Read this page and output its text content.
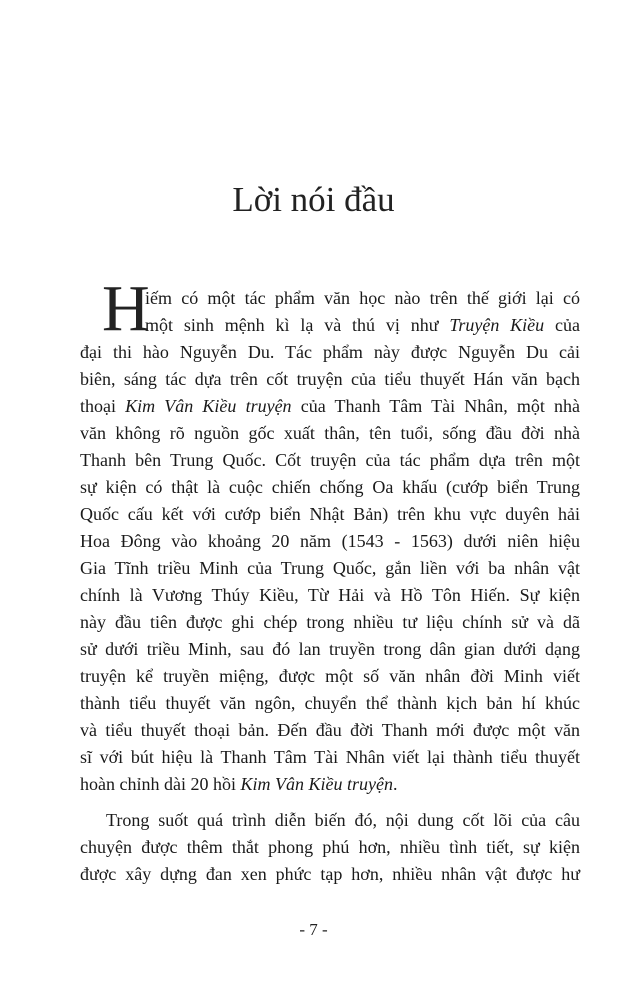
Lời nói đầu
H
iếm có một tác phẩm văn học nào trên thế giới lại có
một sinh mệnh kì lạ và thú vị như Truyện Kiều của
đại thi hào Nguyễn Du. Tác phẩm này được Nguyễn Du cải
biên, sáng tác dựa trên cốt truyện của tiểu thuyết Hán văn bạch
thoại Kim Vân Kiều truyện của Thanh Tâm Tài Nhân, một nhà
văn không rõ nguồn gốc xuất thân, tên tuổi, sống đầu đời nhà
Thanh bên Trung Quốc. Cốt truyện của tác phẩm dựa trên một
sự kiện có thật là cuộc chiến chống Oa khấu (cướp biển Trung
Quốc cấu kết với cướp biển Nhật Bản) trên khu vực duyên hải
Hoa Đông vào khoảng 20 năm (1543 - 1563) dưới niên hiệu
Gia Tĩnh triều Minh của Trung Quốc, gắn liền với ba nhân vật
chính là Vương Thúy Kiều, Từ Hải và Hồ Tôn Hiến. Sự kiện
này đầu tiên được ghi chép trong nhiều tư liệu chính sử và dã
sử dưới triều Minh, sau đó lan truyền trong dân gian dưới dạng
truyện kể truyền miệng, được một số văn nhân đời Minh viết
thành tiểu thuyết văn ngôn, chuyển thể thành kịch bản hí khúc
và tiểu thuyết thoại bản. Đến đầu đời Thanh mới được một văn
sĩ với bút hiệu là Thanh Tâm Tài Nhân viết lại thành tiểu thuyết
hoàn chỉnh dài 20 hồi Kim Vân Kiều truyện.
Trong suốt quá trình diễn biến đó, nội dung cốt lõi của câu
chuyện được thêm thắt phong phú hơn, nhiều tình tiết, sự kiện
được xây dựng đan xen phức tạp hơn, nhiều nhân vật được hư
- 7 -
